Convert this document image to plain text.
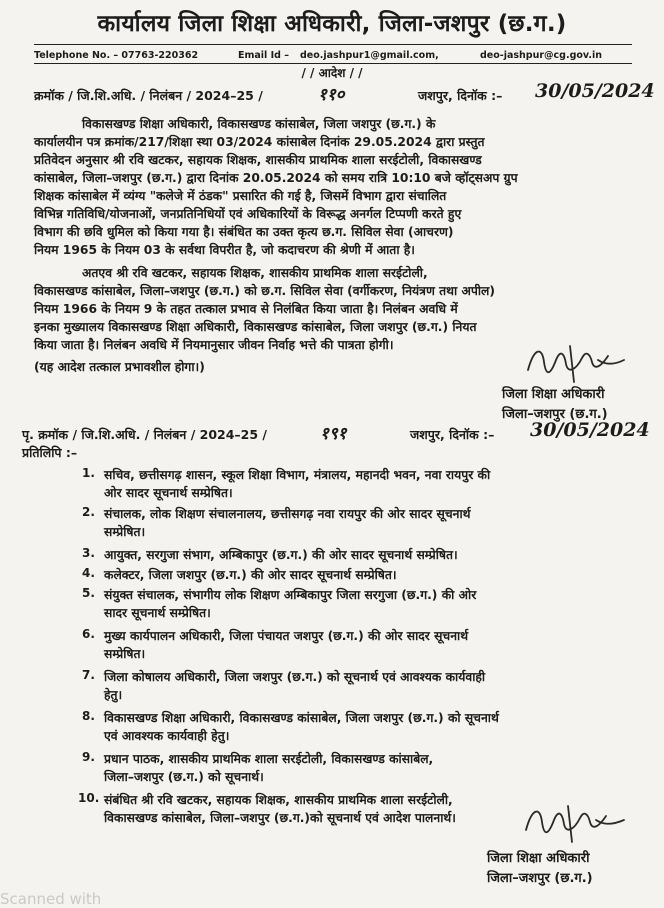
कार्यालय जिला शिक्षा अधिकारी, जिला-जशपुर (छ.ग.)
Telephone No. – 07763-220362	Email Id – deo.jashpur1@gmail.com,	deo-jashpur@cg.gov.in
/ / आदेश / /
क्रमॉक / जि.शि.अधि. / निलंबन / 2024–25 /	११०	जशपुर, दिनॉक :– 30/05/2024
विकासखण्ड शिक्षा अधिकारी, विकासखण्ड कांसाबेल, जिला जशपुर (छ.ग.) के
कार्यालयीन पत्र क्रमांक/217/शिक्षा स्था 03/2024 कांसाबेल दिनांक 29.05.2024 द्वारा प्रस्तुत
प्रतिवेदन अनुसार श्री रवि खटकर, सहायक शिक्षक, शासकीय प्राथमिक शाला सरईटोली, विकासखण्ड
कांसाबेल, जिला–जशपुर (छ.ग.) द्वारा दिनांक 20.05.2024 को समय रात्रि 10:10 बजे व्हॉट्सअप ग्रुप
शिक्षक कांसाबेल में व्यंग्य "कलेजे में ठंडक" प्रसारित की गई है, जिसमें विभाग द्वारा संचालित
विभिन्न गतिविधि/योजनाओं, जनप्रतिनिधियों एवं अधिकारियों के विरूद्ध अनर्गल टिप्पणी करते हुए
विभाग की छवि धुमिल को किया गया है। संबंधित का उक्त कृत्य छ.ग. सिविल सेवा (आचरण)
नियम 1965 के नियम 03 के सर्वथा विपरीत है, जो कदाचरण की श्रेणी में आता है।
अतएव श्री रवि खटकर, सहायक शिक्षक, शासकीय प्राथमिक शाला सरईटोली,
विकासखण्ड कांसाबेल, जिला–जशपुर (छ.ग.) को छ.ग. सिविल सेवा (वर्गीकरण, नियंत्रण तथा अपील)
नियम 1966 के नियम 9 के तहत तत्काल प्रभाव से निलंबित किया जाता है। निलंबन अवधि में
इनका मुख्यालय विकासखण्ड शिक्षा अधिकारी, विकासखण्ड कांसाबेल, जिला जशपुर (छ.ग.) नियत
किया जाता है। निलंबन अवधि में नियमानुसार जीवन निर्वाह भत्ते की पात्रता होगी।
(यह आदेश तत्काल प्रभावशील होगा।)
जिला शिक्षा अधिकारी
जिला–जशपुर (छ.ग.)
पृ. क्रमॉक / जि.शि.अधि. / निलंबन / 2024–25 /	१९१	जशपुर, दिनॉक :– 30/05/2024
प्रतिलिपि :–
1. सचिव, छत्तीसगढ़ शासन, स्कूल शिक्षा विभाग, मंत्रालय, महानदी भवन, नवा रायपुर की
ओर सादर सूचनार्थ सम्प्रेषित।
2. संचालक, लोक शिक्षण संचालनालय, छत्तीसगढ़ नवा रायपुर की ओर सादर सूचनार्थ
सम्प्रेषित।
3. आयुक्त, सरगुजा संभाग, अम्बिकापुर (छ.ग.) की ओर सादर सूचनार्थ सम्प्रेषित।
4. कलेक्टर, जिला जशपुर (छ.ग.) की ओर सादर सूचनार्थ सम्प्रेषित।
5. संयुक्त संचालक, संभागीय लोक शिक्षण अम्बिकापुर जिला सरगुजा (छ.ग.) की ओर
सादर सूचनार्थ सम्प्रेषित।
6. मुख्य कार्यपालन अधिकारी, जिला पंचायत जशपुर (छ.ग.) की ओर सादर सूचनार्थ
सम्प्रेषित।
7. जिला कोषालय अधिकारी, जिला जशपुर (छ.ग.) को सूचनार्थ एवं आवश्यक कार्यवाही
हेतु।
8. विकासखण्ड शिक्षा अधिकारी, विकासखण्ड कांसाबेल, जिला जशपुर (छ.ग.) को सूचनार्थ
एवं आवश्यक कार्यवाही हेतु।
9. प्रधान पाठक, शासकीय प्राथमिक शाला सरईटोली, विकासखण्ड कांसाबेल,
जिला–जशपुर (छ.ग.) को सूचनार्थ।
10. संबंधित श्री रवि खटकर, सहायक शिक्षक, शासकीय प्राथमिक शाला सरईटोली,
विकासखण्ड कांसाबेल, जिला–जशपुर (छ.ग.)को सूचनार्थ एवं आदेश पालनार्थ।
जिला शिक्षा अधिकारी
जिला–जशपुर (छ.ग.)
Scanned with
